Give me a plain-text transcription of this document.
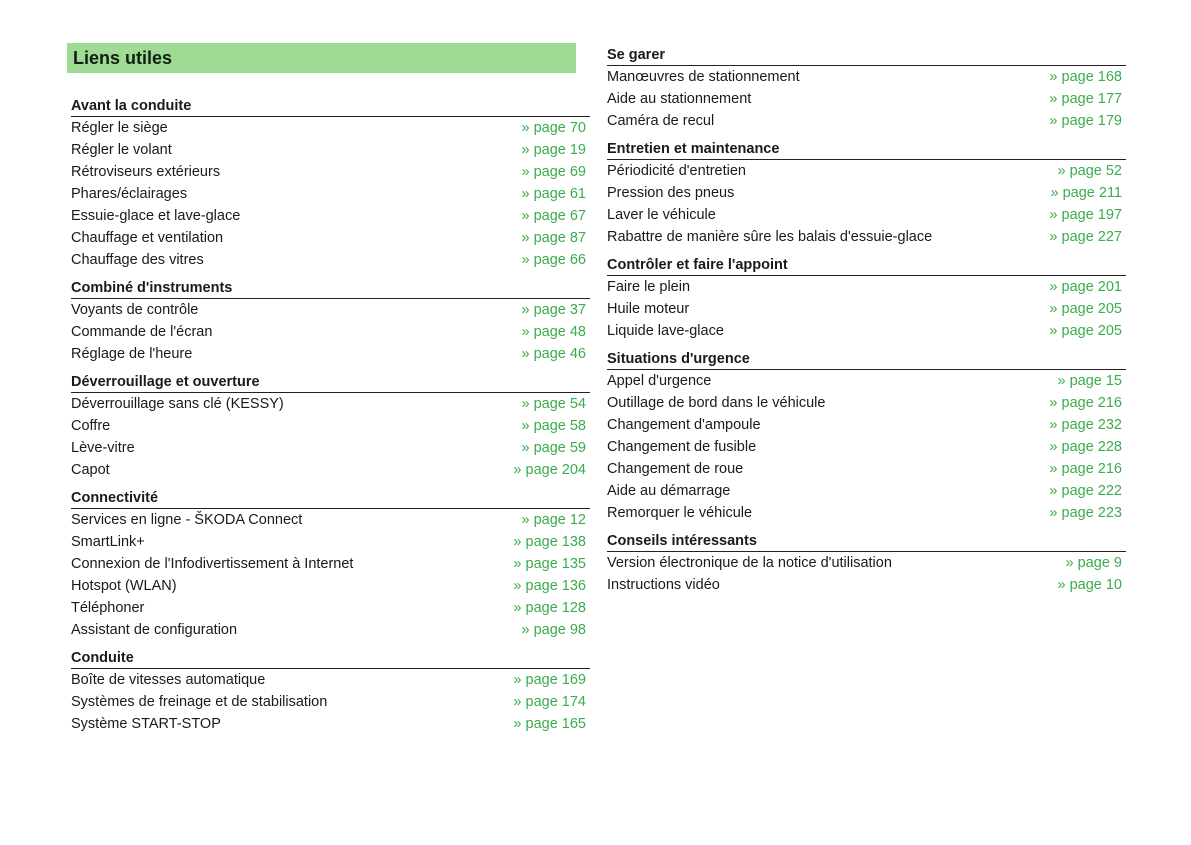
Liens utiles
Avant la conduite
Régler le siège	» page 70
Régler le volant	» page 19
Rétroviseurs extérieurs	» page 69
Phares/éclairages	» page 61
Essuie-glace et lave-glace	» page 67
Chauffage et ventilation	» page 87
Chauffage des vitres	» page 66
Combiné d'instruments
Voyants de contrôle	» page 37
Commande de l'écran	» page 48
Réglage de l'heure	» page 46
Déverrouillage et ouverture
Déverrouillage sans clé (KESSY)	» page 54
Coffre	» page 58
Lève-vitre	» page 59
Capot	» page 204
Connectivité
Services en ligne - ŠKODA Connect	» page 12
SmartLink+	» page 138
Connexion de l'Infodivertissement à Internet	» page 135
Hotspot (WLAN)	» page 136
Téléphoner	» page 128
Assistant de configuration	» page 98
Conduite
Boîte de vitesses automatique	» page 169
Systèmes de freinage et de stabilisation	» page 174
Système START-STOP	» page 165
Se garer
Manœuvres de stationnement	» page 168
Aide au stationnement	» page 177
Caméra de recul	» page 179
Entretien et maintenance
Périodicité d'entretien	» page 52
Pression des pneus	» page 211
Laver le véhicule	» page 197
Rabattre de manière sûre les balais d'essuie-glace	» page 227
Contrôler et faire l'appoint
Faire le plein	» page 201
Huile moteur	» page 205
Liquide lave-glace	» page 205
Situations d'urgence
Appel d'urgence	» page 15
Outillage de bord dans le véhicule	» page 216
Changement d'ampoule	» page 232
Changement de fusible	» page 228
Changement de roue	» page 216
Aide au démarrage	» page 222
Remorquer le véhicule	» page 223
Conseils intéressants
Version électronique de la notice d'utilisation	» page 9
Instructions vidéo	» page 10
